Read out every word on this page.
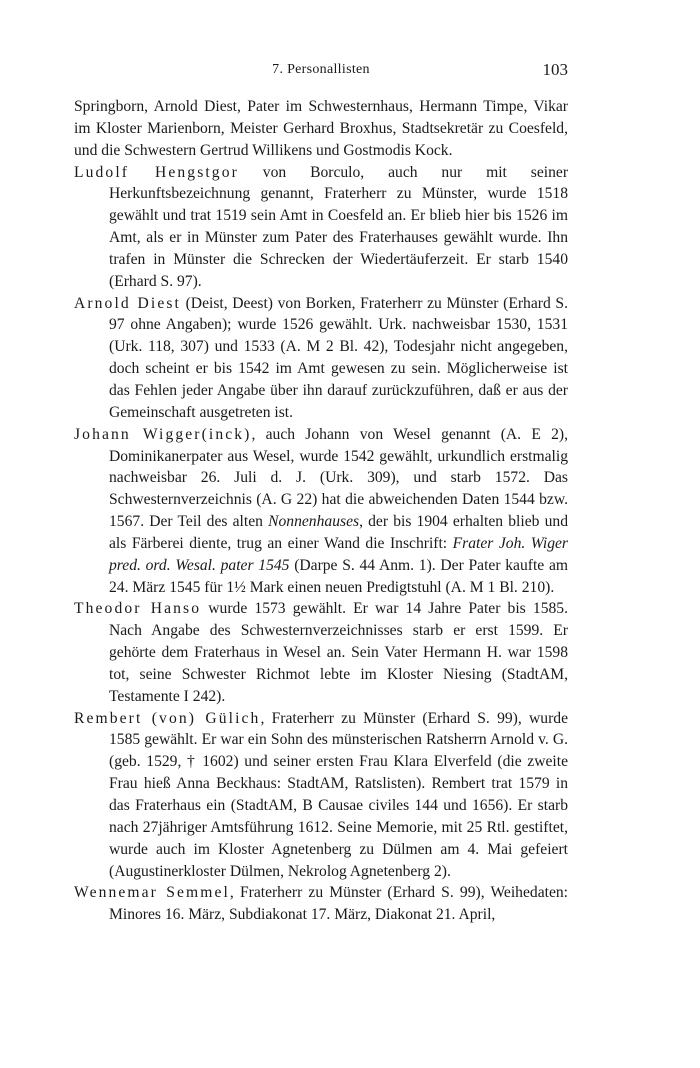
7. Personallisten	103

Springborn, Arnold Diest, Pater im Schwesternhaus, Hermann Timpe, Vikar im Kloster Marienborn, Meister Gerhard Broxhus, Stadtsekretär zu Coesfeld, und die Schwestern Gertrud Willikens und Gostmodis Kock.

Ludolf Hengstgor von Borculo, auch nur mit seiner Herkunftsbezeichnung genannt, Fraterherr zu Münster, wurde 1518 gewählt und trat 1519 sein Amt in Coesfeld an. Er blieb hier bis 1526 im Amt, als er in Münster zum Pater des Fraterhauses gewählt wurde. Ihn trafen in Münster die Schrecken der Wiedertäuferzeit. Er starb 1540 (Erhard S. 97).

Arnold Diest (Deist, Deest) von Borken, Fraterherr zu Münster (Erhard S. 97 ohne Angaben); wurde 1526 gewählt. Urk. nachweisbar 1530, 1531 (Urk. 118, 307) und 1533 (A. M 2 Bl. 42), Todesjahr nicht angegeben, doch scheint er bis 1542 im Amt gewesen zu sein. Möglicherweise ist das Fehlen jeder Angabe über ihn darauf zurückzuführen, daß er aus der Gemeinschaft ausgetreten ist.

Johann Wigger(inck), auch Johann von Wesel genannt (A. E 2), Dominikanerpater aus Wesel, wurde 1542 gewählt, urkundlich erstmalig nachweisbar 26. Juli d. J. (Urk. 309), und starb 1572. Das Schwesternverzeichnis (A. G 22) hat die abweichenden Daten 1544 bzw. 1567. Der Teil des alten Nonnenhauses, der bis 1904 erhalten blieb und als Färberei diente, trug an einer Wand die Inschrift: Frater Joh. Wiger pred. ord. Wesal. pater 1545 (Darpe S. 44 Anm. 1). Der Pater kaufte am 24. März 1545 für 1½ Mark einen neuen Predigtstuhl (A. M 1 Bl. 210).

Theodor Hanso wurde 1573 gewählt. Er war 14 Jahre Pater bis 1585. Nach Angabe des Schwesternverzeichnisses starb er erst 1599. Er gehörte dem Fraterhaus in Wesel an. Sein Vater Hermann H. war 1598 tot, seine Schwester Richmot lebte im Kloster Niesing (StadtAM, Testamente I 242).

Rembert (von) Gülich, Fraterherr zu Münster (Erhard S. 99), wurde 1585 gewählt. Er war ein Sohn des münsterischen Ratsherrn Arnold v. G. (geb. 1529, † 1602) und seiner ersten Frau Klara Elverfeld (die zweite Frau hieß Anna Beckhaus: StadtAM, Ratslisten). Rembert trat 1579 in das Fraterhaus ein (StadtAM, B Causae civiles 144 und 1656). Er starb nach 27jähriger Amtsführung 1612. Seine Memorie, mit 25 Rtl. gestiftet, wurde auch im Kloster Agnetenberg zu Dülmen am 4. Mai gefeiert (Augustinerkloster Dülmen, Nekrolog Agnetenberg 2).

Wennemar Semmel, Fraterherr zu Münster (Erhard S. 99), Weihedaten: Minores 16. März, Subdiakonat 17. März, Diakonat 21. April,
